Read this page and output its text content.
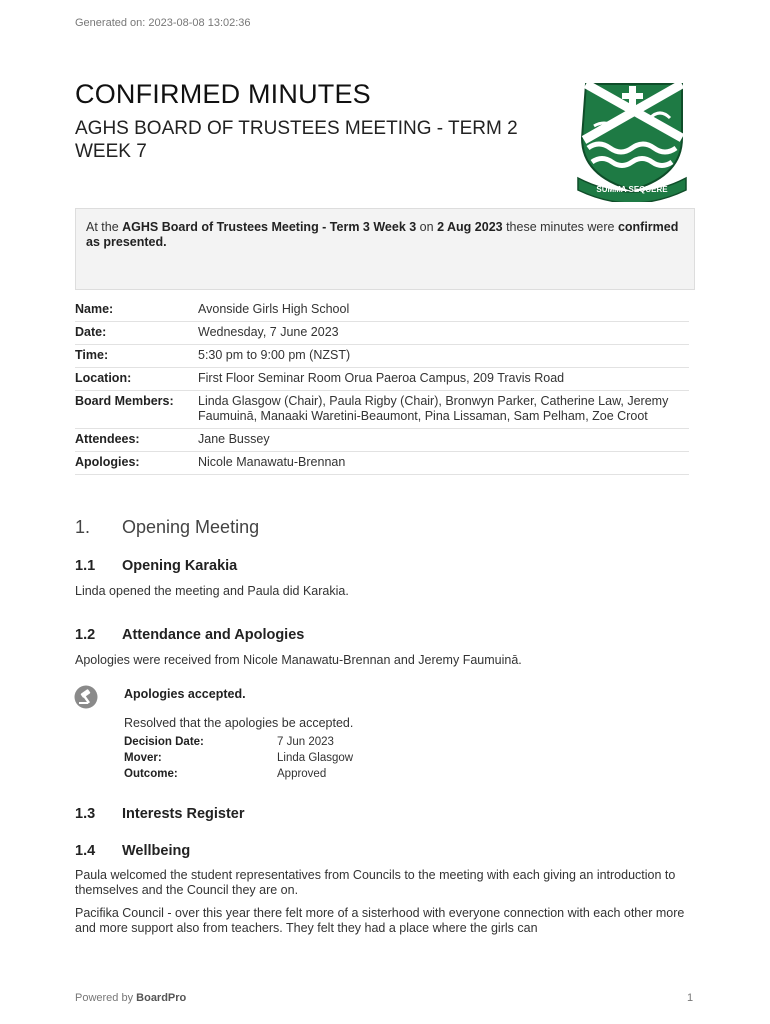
Generated on: 2023-08-08 13:02:36
CONFIRMED MINUTES
AGHS BOARD OF TRUSTEES MEETING - TERM 2 WEEK 7
SUMMA SEQUERE
At the AGHS Board of Trustees Meeting - Term 3 Week 3 on 2 Aug 2023 these minutes were confirmed as presented.
Name:	Avonside Girls High School
Date:	Wednesday, 7 June 2023
Time:	5:30 pm to 9:00 pm (NZST)
Location:	First Floor Seminar Room Orua Paeroa Campus, 209 Travis Road
Board Members:	Linda Glasgow (Chair), Paula Rigby (Chair), Bronwyn Parker, Catherine Law, Jeremy Faumuinā, Manaaki Waretini-Beaumont, Pina Lissaman, Sam Pelham, Zoe Croot
Attendees:	Jane Bussey
Apologies:	Nicole Manawatu-Brennan
1. Opening Meeting
1.1 Opening Karakia
Linda opened the meeting and Paula did Karakia.
1.2 Attendance and Apologies
Apologies were received from Nicole Manawatu-Brennan and Jeremy Faumuinā.
Apologies accepted.
Resolved that the apologies be accepted.
Decision Date:	7 Jun 2023
Mover:	Linda Glasgow
Outcome:	Approved
1.3 Interests Register
1.4 Wellbeing
Paula welcomed the student representatives from Councils to the meeting with each giving an introduction to themselves and the Council they are on.
Pacifika Council - over this year there felt more of a sisterhood with everyone connection with each other more and more support also from teachers. They felt they had a place where the girls can
Powered by BoardPro	1
